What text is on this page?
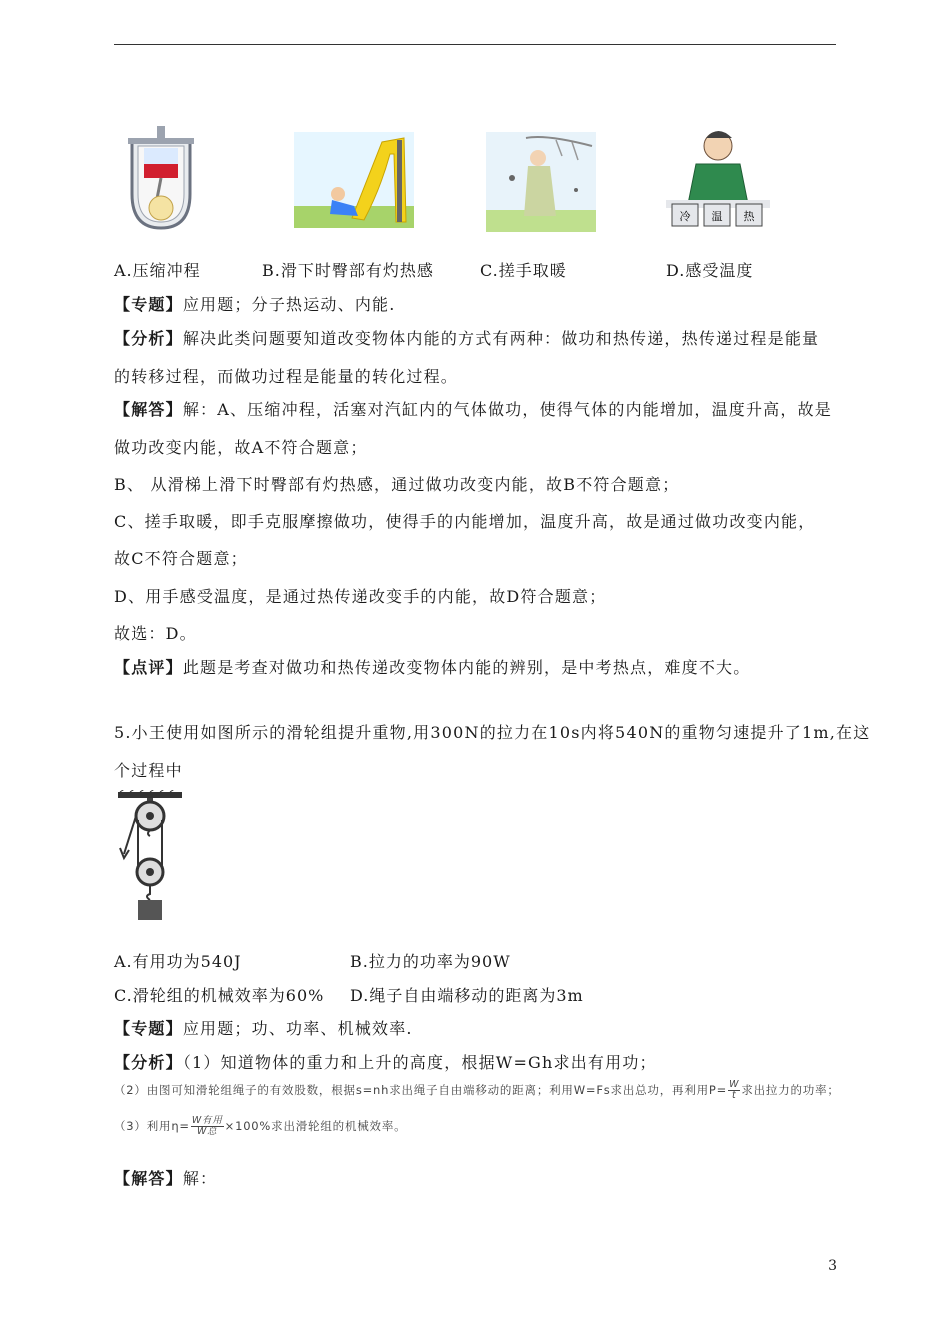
冷 温 热
A.压缩冲程	B.滑下时臀部有灼热感	C.搓手取暖	D.感受温度
【专题】应用题；分子热运动、内能.
【分析】解决此类问题要知道改变物体内能的方式有两种：做功和热传递，热传递过程是能量
的转移过程，而做功过程是能量的转化过程。
【解答】解：A、压缩冲程，活塞对汽缸内的气体做功，使得气体的内能增加，温度升高，故是
做功改变内能，故A不符合题意；
B、 从滑梯上滑下时臀部有灼热感，通过做功改变内能，故B不符合题意；
C、搓手取暖，即手克服摩擦做功，使得手的内能增加，温度升高，故是通过做功改变内能，
故C不符合题意；
D、用手感受温度，是通过热传递改变手的内能，故D符合题意；
故选：D。
【点评】此题是考查对做功和热传递改变物体内能的辨别，是中考热点，难度不大。
5.小王使用如图所示的滑轮组提升重物,用300N的拉力在10s内将540N的重物匀速提升了1m,在这
个过程中
A.有用功为540J	B.拉力的功率为90W
C.滑轮组的机械效率为60% D.绳子自由端移动的距离为3m
【专题】应用题；功、功率、机械效率.
【分析】（1）知道物体的重力和上升的高度，根据W=Gh求出有用功；
（2）由图可知滑轮组绳子的有效股数，根据s=nh求出绳子自由端移动的距离；利用W=Fs求出总功，再利用$P= \frac{W}{t}$ 求出拉力的功率；
（3）利用$\eta= \frac{\text{W有用}}{\text{W总}} \times 100\%$求出滑轮组的机械效率。
【解答】解：
3
